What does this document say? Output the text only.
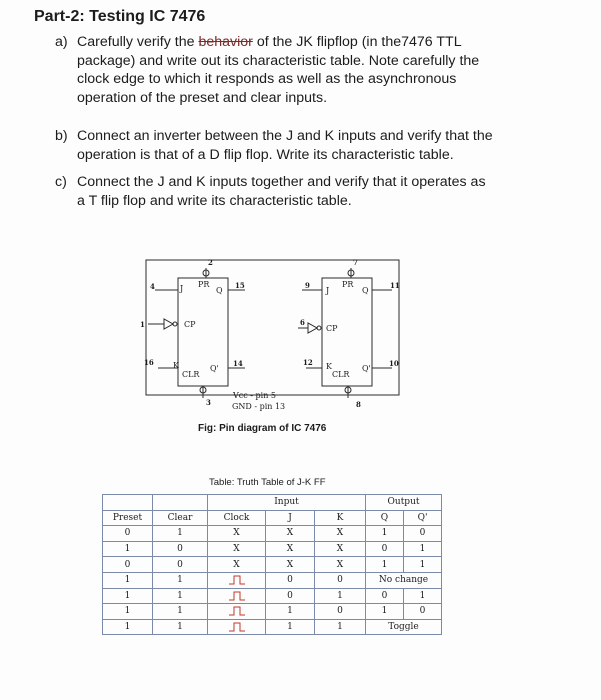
Part-2: Testing IC 7476
a) Carefully verify the behavior of the JK flipflop (in the7476 TTL
package) and write out its characteristic table. Note carefully the
clock edge to which it responds as well as the asynchronous
operation of the preset and clear inputs.
b) Connect an inverter between the J and K inputs and verify that the
operation is that of a D flip flop. Write its characteristic table.
c) Connect the J and K inputs together and verify that it operates as
a T flip flop and write its characteristic table.
J PR
Q
CP
K
CLR
Q'
J
PR
Q
CP
K
CLR
Q'
4
2
15
1
16	14
3
9
7
11
6
12	10
8
Vcc - pin 5
GND - pin 13
Fig: Pin diagram of IC 7476
Table: Truth Table of J-K FF
		Input			Output	
Preset	Clear	Clock	J	K	Q	Q'
0	1	X	X	X	1	0
1	0	X	X	X	0	1
0	0	X	X	X	1	1
1	1		0	0	No change	
1	1		0	1	0	1
1	1		1	0	1	0
1	1		1	1	Toggle	
